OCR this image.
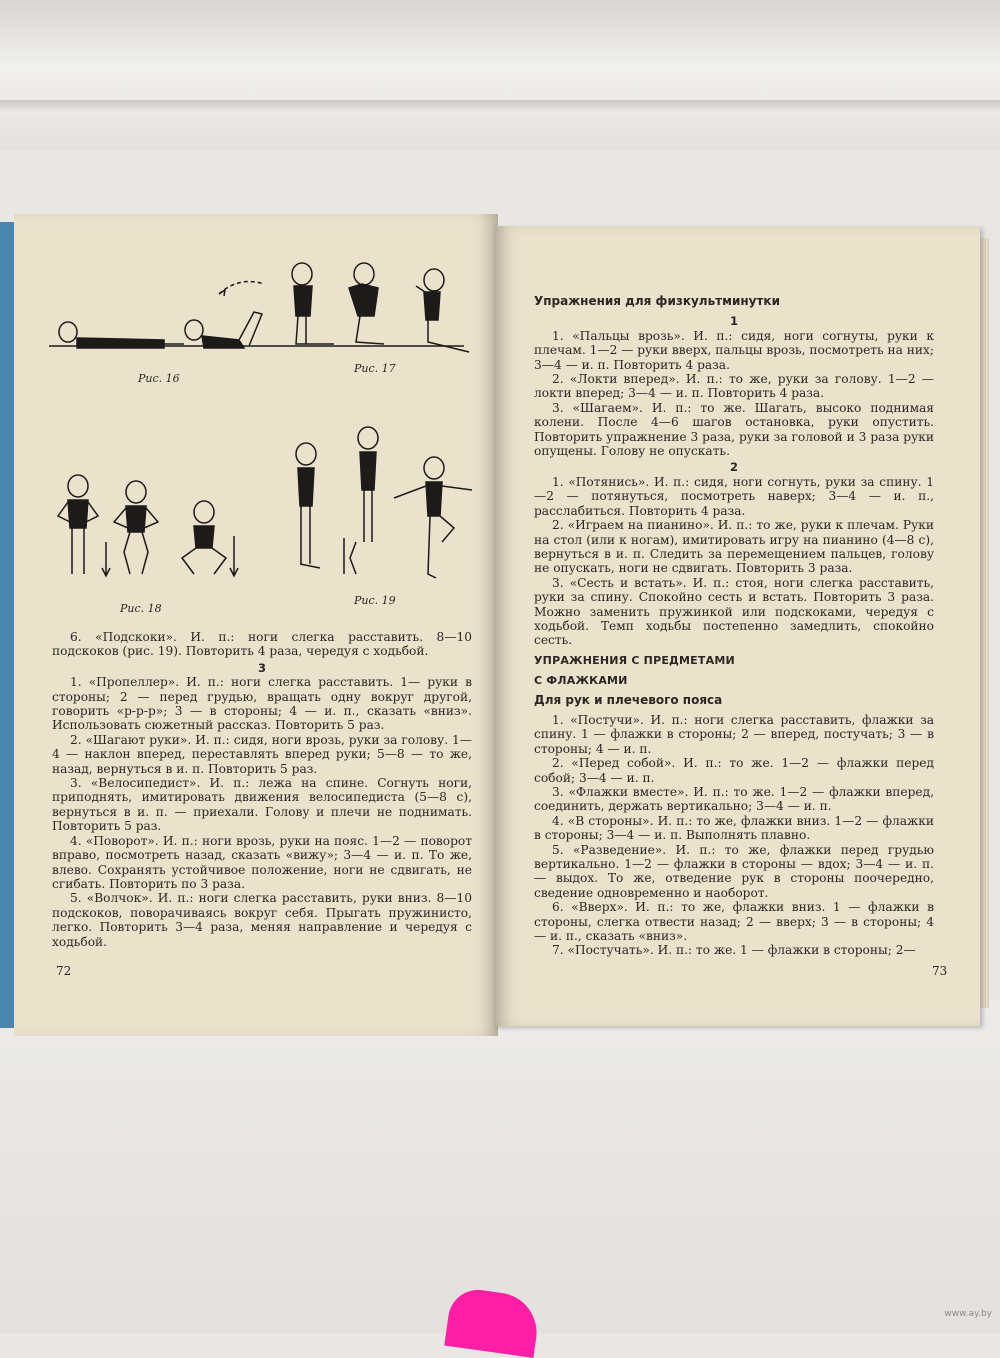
Рис. 16
Рис. 17
Рис. 18
Рис. 19

6. «Подскоки». И. п.: ноги слегка расставить. 8—10 подскоков (рис. 19). Повторить 4 раза, чередуя с ходьбой.

3

1. «Пропеллер». И. п.: ноги слегка расставить. 1— руки в стороны; 2 — перед грудью, вращать одну вокруг другой, говорить «р-р-р»; 3 — в стороны; 4 — и. п., сказать «вниз». Использовать сюжетный рассказ. Повторить 5 раз.

2. «Шагают руки». И. п.: сидя, ноги врозь, руки за голову. 1—4 — наклон вперед, переставлять вперед руки; 5—8 — то же, назад, вернуться в и. п. Повторить 5 раз.

3. «Велосипедист». И. п.: лежа на спине. Согнуть ноги, приподнять, имитировать движения велосипедиста (5—8 с), вернуться в и. п. — приехали. Голову и плечи не поднимать. Повторить 5 раз.

4. «Поворот». И. п.: ноги врозь, руки на пояс. 1—2 — поворот вправо, посмотреть назад, сказать «вижу»; 3—4 — и. п. То же, влево. Сохранять устойчивое положение, ноги не сдвигать, не сгибать. Повторить по 3 раза.

5. «Волчок». И. п.: ноги слегка расставить, руки вниз. 8—10 подскоков, поворачиваясь вокруг себя. Прыгать пружинисто, легко. Повторить 3—4 раза, меняя направление и чередуя с ходьбой.

72

Упражнения для физкультминутки

1

1. «Пальцы врозь». И. п.: сидя, ноги согнуты, руки к плечам. 1—2 — руки вверх, пальцы врозь, посмотреть на них; 3—4 — и. п. Повторить 4 раза.

2. «Локти вперед». И. п.: то же, руки за голову. 1—2 — локти вперед; 3—4 — и. п. Повторить 4 раза.

3. «Шагаем». И. п.: то же. Шагать, высоко поднимая колени. После 4—6 шагов остановка, руки опустить. Повторить упражнение 3 раза, руки за головой и 3 раза руки опущены. Голову не опускать.

2

1. «Потянись». И. п.: сидя, ноги согнуть, руки за спину. 1—2 — потянуться, посмотреть наверх; 3—4 — и. п., расслабиться. Повторить 4 раза.

2. «Играем на пианино». И. п.: то же, руки к плечам. Руки на стол (или к ногам), имитировать игру на пианино (4—8 с), вернуться в и. п. Следить за перемещением пальцев, голову не опускать, ноги не сдвигать. Повторить 3 раза.

3. «Сесть и встать». И. п.: стоя, ноги слегка расставить, руки за спину. Спокойно сесть и встать. Повторить 3 раза. Можно заменить пружинкой или подскоками, чередуя с ходьбой. Темп ходьбы постепенно замедлить, спокойно сесть.

УПРАЖНЕНИЯ С ПРЕДМЕТАМИ

С ФЛАЖКАМИ

Для рук и плечевого пояса

1. «Постучи». И. п.: ноги слегка расставить, флажки за спину. 1 — флажки в стороны; 2 — вперед, постучать; 3 — в стороны; 4 — и. п.

2. «Перед собой». И. п.: то же. 1—2 — флажки перед собой; 3—4 — и. п.

3. «Флажки вместе». И. п.: то же. 1—2 — флажки вперед, соединить, держать вертикально; 3—4 — и. п.

4. «В стороны». И. п.: то же, флажки вниз. 1—2 — флажки в стороны; 3—4 — и. п. Выполнять плавно.

5. «Разведение». И. п.: то же, флажки перед грудью вертикально. 1—2 — флажки в стороны — вдох; 3—4 — и. п. — выдох. То же, отведение рук в стороны поочередно, сведение одновременно и наоборот.

6. «Вверх». И. п.: то же, флажки вниз. 1 — флажки в стороны, слегка отвести назад; 2 — вверх; 3 — в стороны; 4 — и. п., сказать «вниз».

7. «Постучать». И. п.: то же. 1 — флажки в стороны; 2—

73
www.ay.by
